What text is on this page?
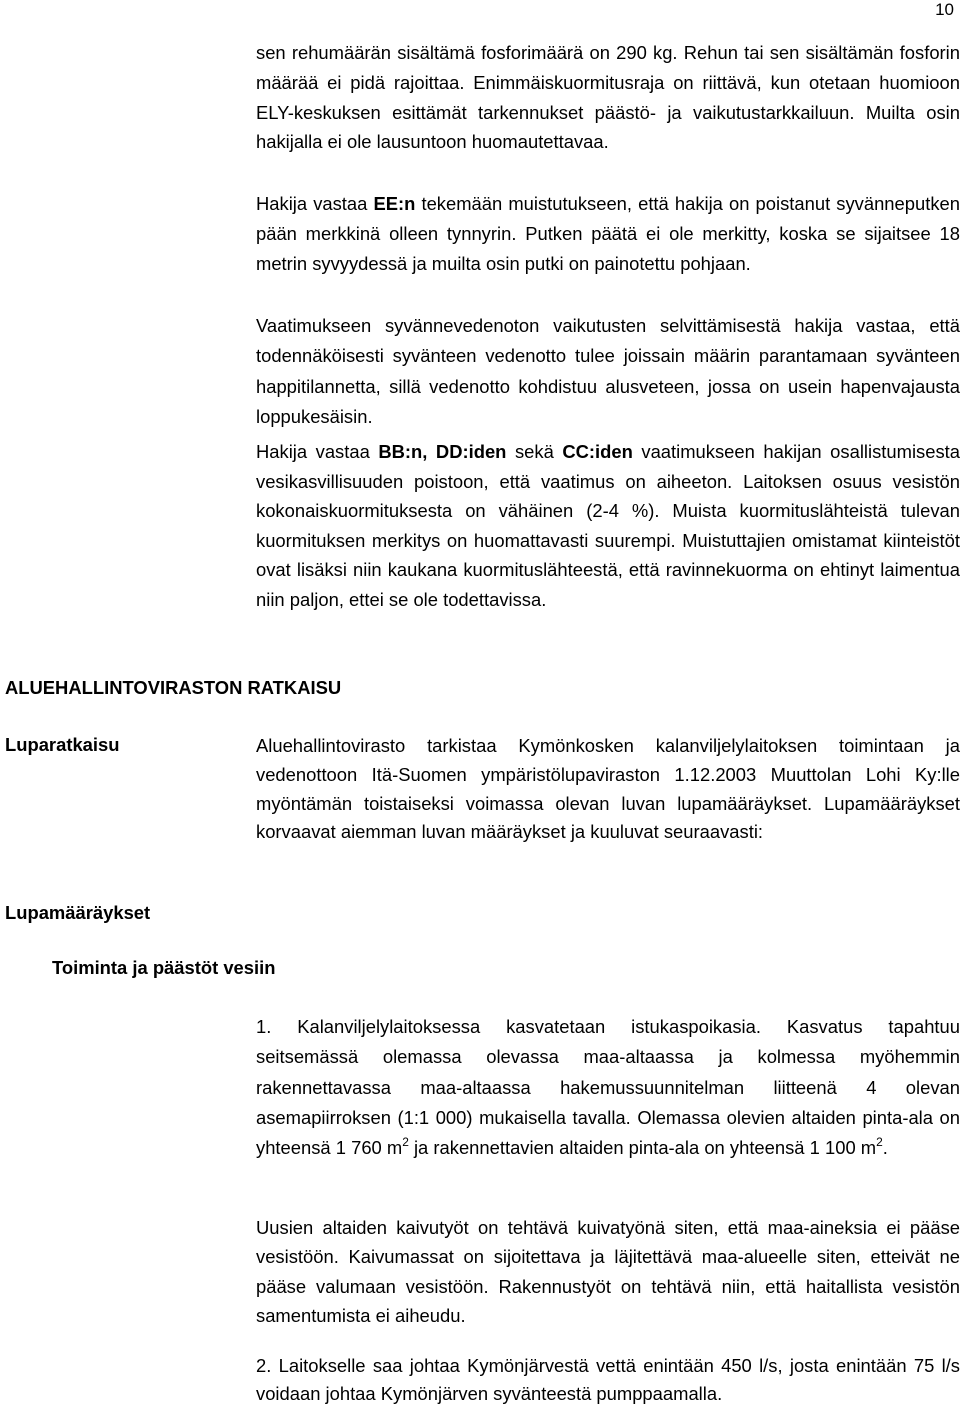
10

sen rehumäärän sisältämä fosforimäärä on 290 kg. Rehun tai sen sisältämän fosforin määrää ei pidä rajoittaa. Enimmäiskuormitusraja on riittävä, kun otetaan huomioon ELY-keskuksen esittämät tarkennukset päästö- ja vaikutustarkkailuun. Muilta osin hakijalla ei ole lausuntoon huomautettavaa.

Hakija vastaa EE:n tekemään muistutukseen, että hakija on poistanut syvänneputken pään merkkinä olleen tynnyrin. Putken päätä ei ole merkitty, koska se sijaitsee 18 metrin syvyydessä ja muilta osin putki on painotettu pohjaan.

Vaatimukseen syvännevedenoton vaikutusten selvittämisestä hakija vastaa, että todennäköisesti syvänteen vedenotto tulee joissain määrin parantamaan syvänteen happitilannetta, sillä vedenotto kohdistuu alusveteen, jossa on usein hapenvajausta loppukesäisin.

Hakija vastaa BB:n, DD:iden sekä CC:iden vaatimukseen hakijan osallistumisesta vesikasvillisuuden poistoon, että vaatimus on aiheeton. Laitoksen osuus vesistön kokonaiskuormituksesta on vähäinen (2-4 %). Muista kuormituslähteistä tulevan kuormituksen merkitys on huomattavasti suurempi. Muistuttajien omistamat kiinteistöt ovat lisäksi niin kaukana kuormituslähteestä, että ravinnekuorma on ehtinyt laimentua niin paljon, ettei se ole todettavissa.

ALUEHALLINTOVIRASTON RATKAISU
Luparatkaisu	Aluehallintovirasto tarkistaa Kymönkosken kalanviljelylaitoksen toimintaan ja vedenottoon Itä-Suomen ympäristölupaviraston 1.12.2003 Muuttolan Lohi Ky:lle myöntämän toistaiseksi voimassa olevan luvan lupamääräykset. Lupamääräykset korvaavat aiemman luvan määräykset ja kuuluvat seuraavasti:

Lupamääräykset
Toiminta ja päästöt vesiin

1. Kalanviljelylaitoksessa kasvatetaan istukaspoikasia. Kasvatus tapahtuu seitsemässä olemassa olevassa maa-altaassa ja kolmessa myöhemmin rakennettavassa maa-altaassa hakemussuunnitelman liitteenä 4 olevan asemapiirroksen (1:1 000) mukaisella tavalla. Olemassa olevien altaiden pinta-ala on yhteensä 1 760 $m^2$ ja rakennettavien altaiden pinta-ala on yhteensä 1 100 $m^2$.

Uusien altaiden kaivutyöt on tehtävä kuivatyönä siten, että maa-aineksia ei pääse vesistöön. Kaivumassat on sijoitettava ja läjitettävä maa-alueelle siten, etteivät ne pääse valumaan vesistöön. Rakennustyöt on tehtävä niin, että haitallista vesistön samentumista ei aiheudu.

2. Laitokselle saa johtaa Kymönjärvestä vettä enintään 450 l/s, josta enintään 75 l/s voidaan johtaa Kymönjärven syvänteestä pumppaamalla.
